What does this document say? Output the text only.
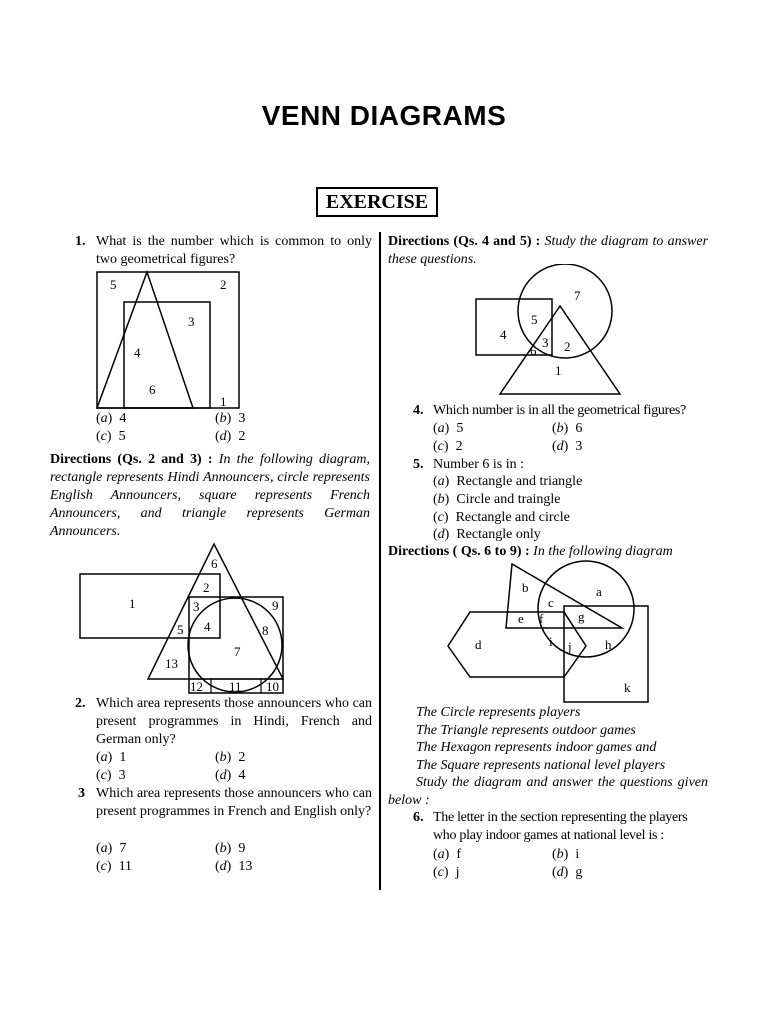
VENN DIAGRAMS
EXERCISE
1. What is the number which is common to only two geometrical figures?
5	2
3
4
6
1
(a)  4	(b)  3
(c)  5	(d)  2
Directions (Qs. 2 and 3) : In the following diagram, rectangle represents Hindi Announcers, circle represents English Announcers, square represents French Announcers, and triangle represents German Announcers.
6
2
1	3	9
5 4	8
7
13
12 11 10
2. Which area represents those announcers who can present programmes in Hindi, French and German only?
(a)  1	(b)  2
(c)  3	(d)  4
3 Which area represents those announcers who can present programmes in French and English only?
(a)  7	(b)  9
(c)  11	(d)  13
Directions (Qs. 4 and 5) : Study the diagram to answer these questions.
7
5
4
3
6 2
1
4. Which number is in all the geometrical figures?
(a)  5	(b)  6
(c)  2	(d)  3
5. Number 6 is in :
(a)  Rectangle and triangle
(b)  Circle and traingle
(c)  Rectangle and circle
(d)  Rectangle only
Directions ( Qs. 6 to 9) : In the following diagram
b	a
c
e f	g
d	i j	h
k
The Circle represents players
The Triangle represents outdoor games
The Hexagon represents indoor games and
The Square represents national level players
Study the diagram and answer the questions given below :
6. The letter in the section representing the players who play indoor games at national level is :
(a)  f	(b)  i
(c)  j	(d)  g
